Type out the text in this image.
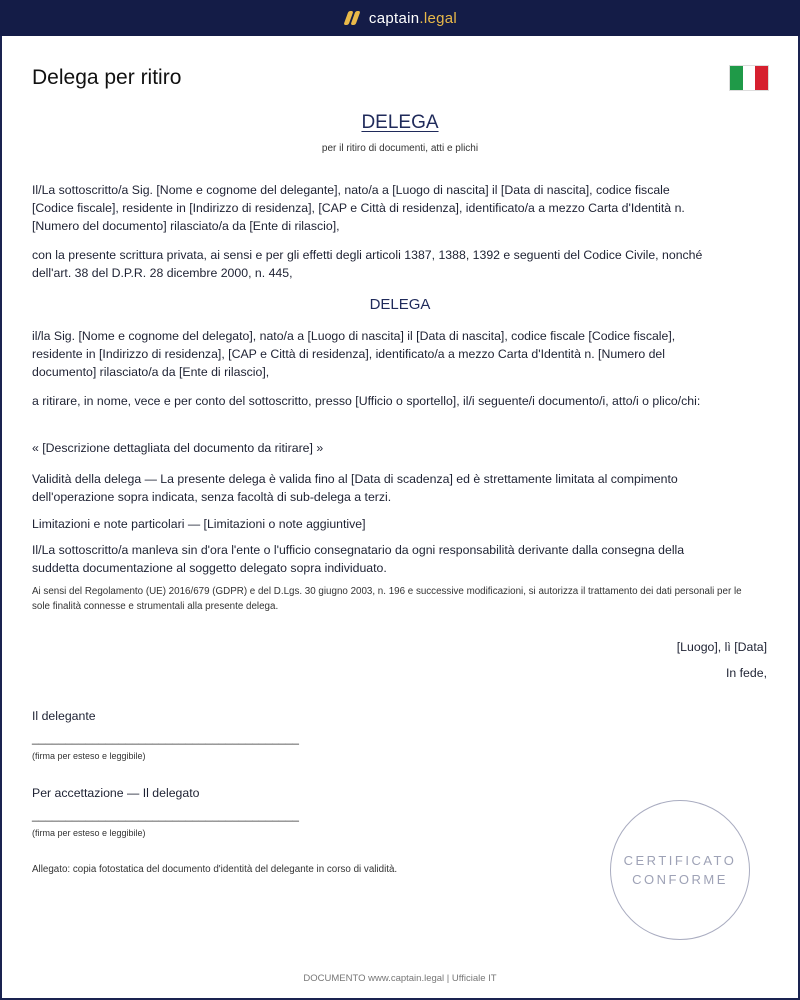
captain.legal
Delega per ritiro
DELEGA
per il ritiro di documenti, atti e plichi
Il/La sottoscritto/a Sig. [Nome e cognome del delegante], nato/a a [Luogo di nascita] il [Data di nascita], codice fiscale [Codice fiscale], residente in [Indirizzo di residenza], [CAP e Città di residenza], identificato/a a mezzo Carta d'Identità n. [Numero del documento] rilasciato/a da [Ente di rilascio],
con la presente scrittura privata, ai sensi e per gli effetti degli articoli 1387, 1388, 1392 e seguenti del Codice Civile, nonché dell'art. 38 del D.P.R. 28 dicembre 2000, n. 445,
DELEGA
il/la Sig. [Nome e cognome del delegato], nato/a a [Luogo di nascita] il [Data di nascita], codice fiscale [Codice fiscale], residente in [Indirizzo di residenza], [CAP e Città di residenza], identificato/a a mezzo Carta d'Identità n. [Numero del documento] rilasciato/a da [Ente di rilascio],
a ritirare, in nome, vece e per conto del sottoscritto, presso [Ufficio o sportello], il/i seguente/i documento/i, atto/i o plico/chi:
« [Descrizione dettagliata del documento da ritirare] »
Validità della delega — La presente delega è valida fino al [Data di scadenza] ed è strettamente limitata al compimento dell'operazione sopra indicata, senza facoltà di sub-delega a terzi.
Limitazioni e note particolari — [Limitazioni o note aggiuntive]
Il/La sottoscritto/a manleva sin d'ora l'ente o l'ufficio consegnatario da ogni responsabilità derivante dalla consegna della suddetta documentazione al soggetto delegato sopra individuato.
Ai sensi del Regolamento (UE) 2016/679 (GDPR) e del D.Lgs. 30 giugno 2003, n. 196 e successive modificazioni, si autorizza il trattamento dei dati personali per le sole finalità connesse e strumentali alla presente delega.
[Luogo], lì [Data]
In fede,
Il delegante
________________________________________
(firma per esteso e leggibile)
Per accettazione — Il delegato
________________________________________
(firma per esteso e leggibile)
Allegato: copia fotostatica del documento d'identità del delegante in corso di validità.
CERTIFICATO
CONFORME
DOCUMENTO www.captain.legal | Ufficiale IT
